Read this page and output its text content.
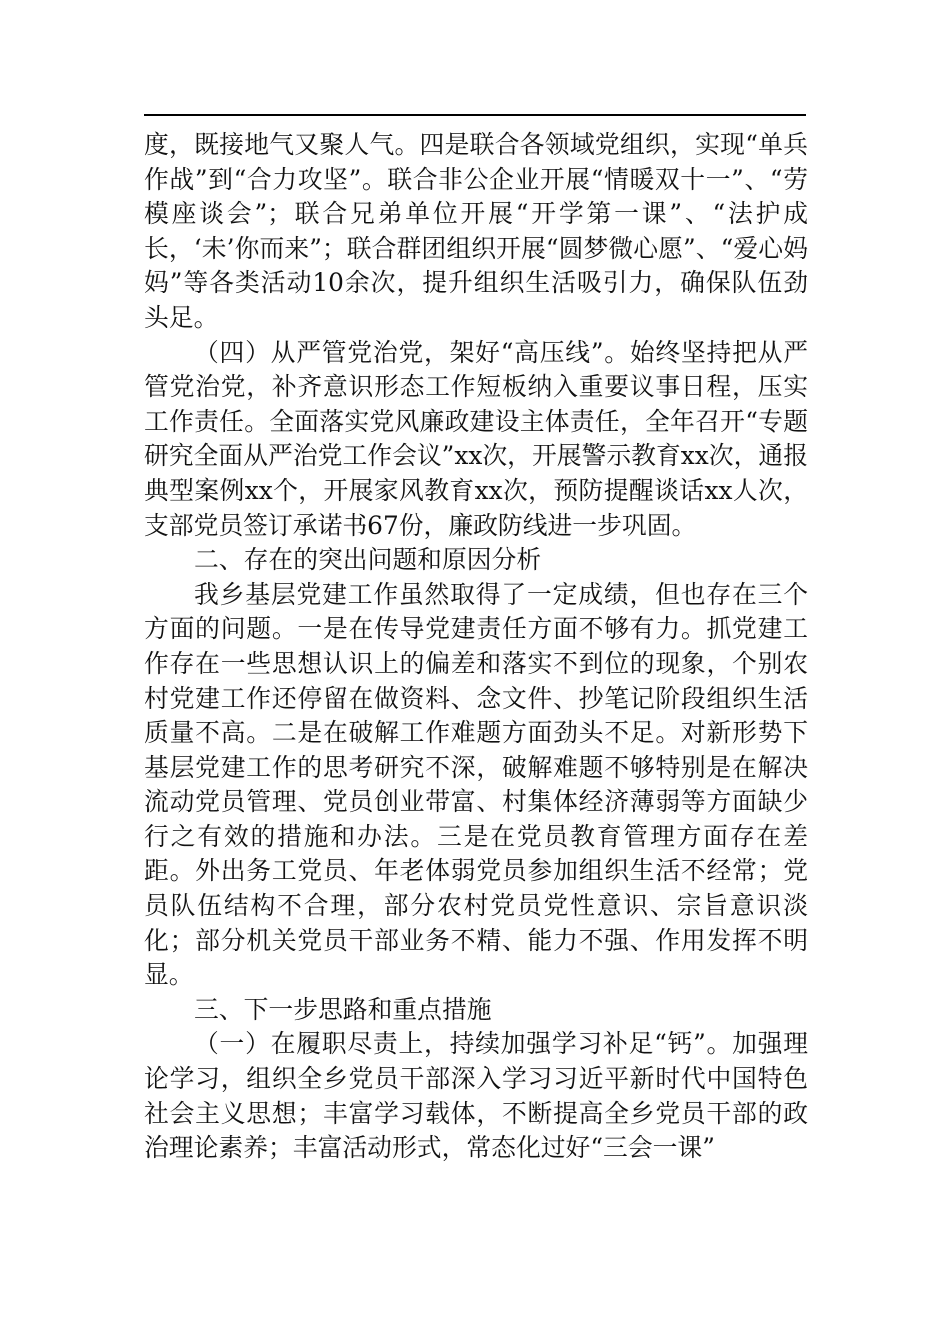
度，既接地气又聚人气。四是联合各领域党组织，实现“单兵作战”到“合力攻坚”。联合非公企业开展“情暖双十一”、“劳模座谈会”；联合兄弟单位开展“开学第一课”、“法护成长，‘未’你而来”；联合群团组织开展“圆梦微心愿”、“爱心妈妈”等各类活动10余次，提升组织生活吸引力，确保队伍劲头足。

（四）从严管党治党，架好“高压线”。始终坚持把从严管党治党，补齐意识形态工作短板纳入重要议事日程，压实工作责任。全面落实党风廉政建设主体责任，全年召开“专题研究全面从严治党工作会议”xx次，开展警示教育xx次，通报典型案例xx个，开展家风教育xx次，预防提醒谈话xx人次，支部党员签订承诺书67份，廉政防线进一步巩固。

二、存在的突出问题和原因分析

我乡基层党建工作虽然取得了一定成绩，但也存在三个方面的问题。一是在传导党建责任方面不够有力。抓党建工作存在一些思想认识上的偏差和落实不到位的现象，个别农村党建工作还停留在做资料、念文件、抄笔记阶段组织生活质量不高。二是在破解工作难题方面劲头不足。对新形势下基层党建工作的思考研究不深，破解难题不够特别是在解决流动党员管理、党员创业带富、村集体经济薄弱等方面缺少行之有效的措施和办法。三是在党员教育管理方面存在差距。外出务工党员、年老体弱党员参加组织生活不经常；党员队伍结构不合理，部分农村党员党性意识、宗旨意识淡化；部分机关党员干部业务不精、能力不强、作用发挥不明显。

三、下一步思路和重点措施

（一）在履职尽责上，持续加强学习补足“钙”。加强理论学习，组织全乡党员干部深入学习习近平新时代中国特色社会主义思想；丰富学习载体，不断提高全乡党员干部的政治理论素养；丰富活动形式，常态化过好“三会一课”
